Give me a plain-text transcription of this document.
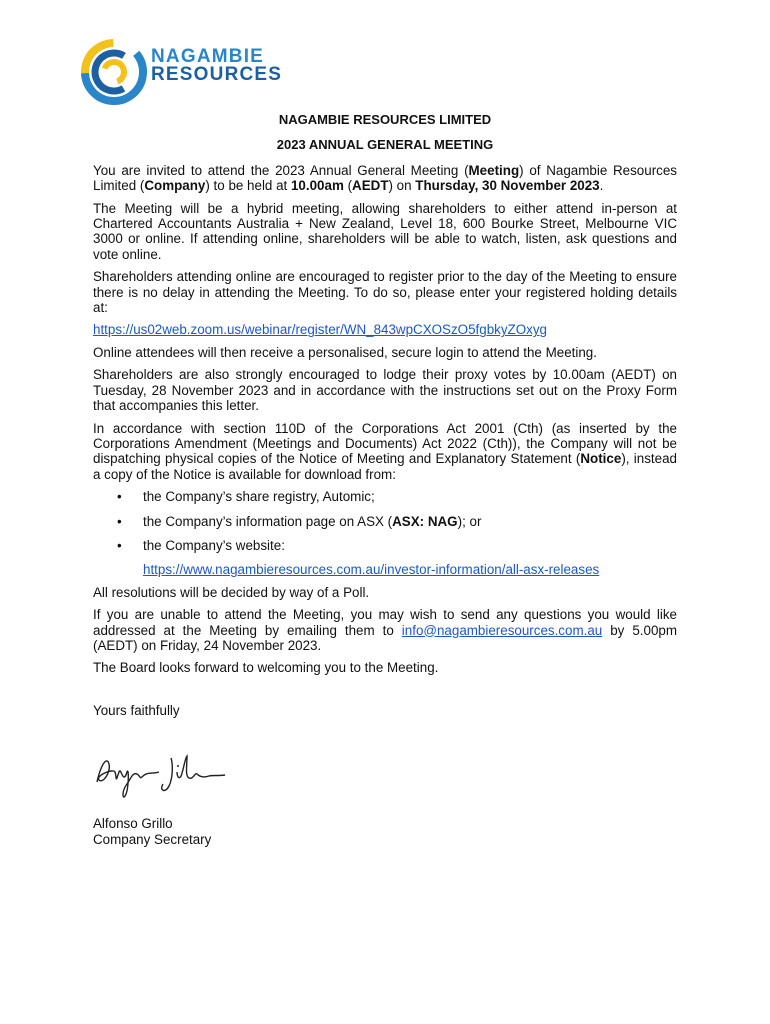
NAGAMBIE
RESOURCES
NAGAMBIE RESOURCES LIMITED
2023 ANNUAL GENERAL MEETING

You are invited to attend the 2023 Annual General Meeting (Meeting) of Nagambie Resources Limited (Company) to be held at 10.00am (AEDT) on Thursday, 30 November 2023.

The Meeting will be a hybrid meeting, allowing shareholders to either attend in-person at Chartered Accountants Australia + New Zealand, Level 18, 600 Bourke Street, Melbourne VIC 3000 or online. If attending online, shareholders will be able to watch, listen, ask questions and vote online.

Shareholders attending online are encouraged to register prior to the day of the Meeting to ensure there is no delay in attending the Meeting. To do so, please enter your registered holding details at:

https://us02web.zoom.us/webinar/register/WN_843wpCXOSzO5fgbkyZOxyg

Online attendees will then receive a personalised, secure login to attend the Meeting.

Shareholders are also strongly encouraged to lodge their proxy votes by 10.00am (AEDT) on Tuesday, 28 November 2023 and in accordance with the instructions set out on the Proxy Form that accompanies this letter.

In accordance with section 110D of the Corporations Act 2001 (Cth) (as inserted by the Corporations Amendment (Meetings and Documents) Act 2022 (Cth)), the Company will not be dispatching physical copies of the Notice of Meeting and Explanatory Statement (Notice), instead a copy of the Notice is available for download from:

• the Company’s share registry, Automic;
• the Company’s information page on ASX (ASX: NAG); or
• the Company’s website:
https://www.nagambieresources.com.au/investor-information/all-asx-releases

All resolutions will be decided by way of a Poll.

If you are unable to attend the Meeting, you may wish to send any questions you would like addressed at the Meeting by emailing them to info@nagambieresources.com.au by 5.00pm (AEDT) on Friday, 24 November 2023.

The Board looks forward to welcoming you to the Meeting.

Yours faithfully

Alfonso Grillo

Company Secretary
